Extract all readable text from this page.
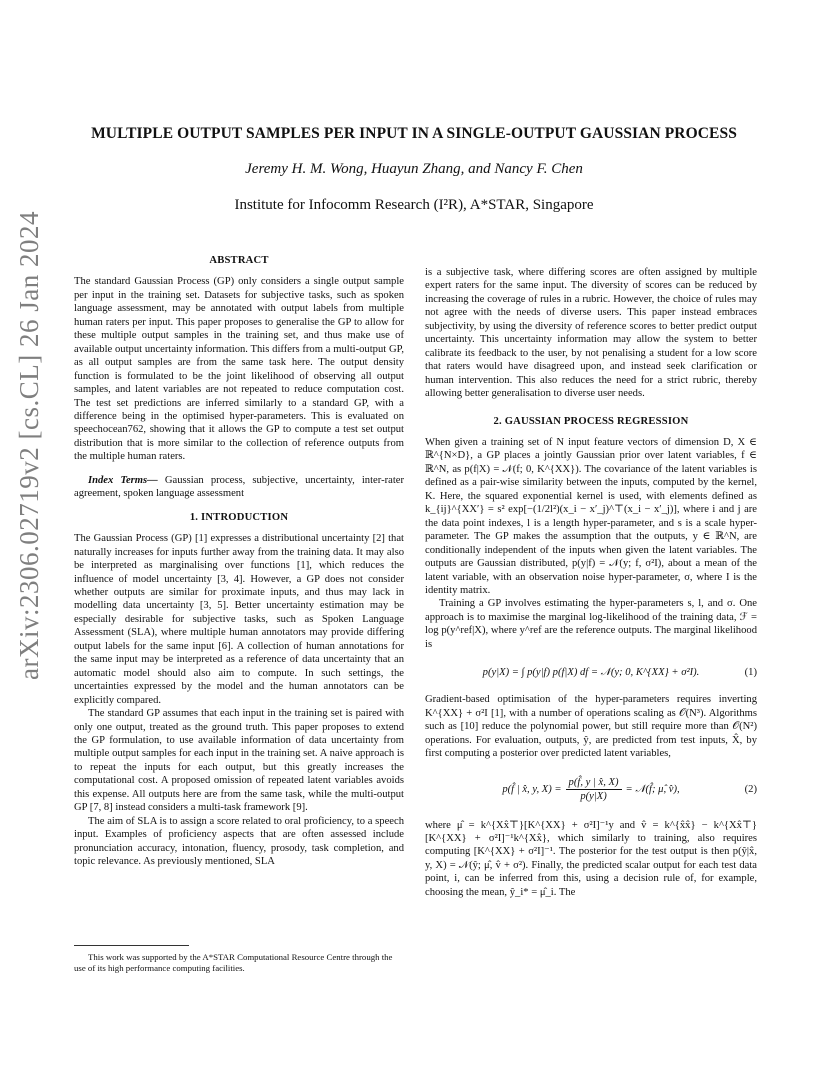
arXiv:2306.02719v2 [cs.CL] 26 Jan 2024
MULTIPLE OUTPUT SAMPLES PER INPUT IN A SINGLE-OUTPUT GAUSSIAN PROCESS
Jeremy H. M. Wong, Huayun Zhang, and Nancy F. Chen
Institute for Infocomm Research (I²R), A*STAR, Singapore
ABSTRACT

The standard Gaussian Process (GP) only considers a single output sample per input in the training set. Datasets for subjective tasks, such as spoken language assessment, may be annotated with output labels from multiple human raters per input. This paper proposes to generalise the GP to allow for these multiple output samples in the training set, and thus make use of available output uncertainty information. This differs from a multi-output GP, as all output samples are from the same task here. The output density function is formulated to be the joint likelihood of observing all output samples, and latent variables are not repeated to reduce computation cost. The test set predictions are inferred similarly to a standard GP, with a difference being in the optimised hyper-parameters. This is evaluated on speechocean762, showing that it allows the GP to compute a test set output distribution that is more similar to the collection of reference outputs from the multiple human raters.

Index Terms— Gaussian process, subjective, uncertainty, inter-rater agreement, spoken language assessment

1. INTRODUCTION

The Gaussian Process (GP) [1] expresses a distributional uncertainty [2] that naturally increases for inputs further away from the training data. It may also be interpreted as marginalising over functions [1], which reduces the influence of model uncertainty [3, 4]. However, a GP does not consider whether outputs are similar for proximate inputs, and thus may lack in modelling data uncertainty [3, 5]. Better uncertainty estimation may be especially desirable for subjective tasks, such as Spoken Language Assessment (SLA), where multiple human annotators may provide differing output labels for the same input [6]. A collection of human annotations for the same input may be interpreted as a reference of data uncertainty that an automatic model should also aim to compute. In such settings, the uncertainties expressed by the model and the human annotators can be explicitly compared.

The standard GP assumes that each input in the training set is paired with only one output, treated as the ground truth. This paper proposes to extend the GP formulation, to use available information of data uncertainty from multiple output samples for each input in the training set. A naive approach is to repeat the inputs for each output, but this greatly increases the computational cost. A proposed omission of repeated latent variables avoids this expense. All outputs here are from the same task, while the multi-output GP [7, 8] instead considers a multi-task framework [9].

The aim of SLA is to assign a score related to oral proficiency, to a speech input. Examples of proficiency aspects that are often assessed include pronunciation accuracy, intonation, fluency, prosody, task completion, and topic relevance. As previously mentioned, SLA

is a subjective task, where differing scores are often assigned by multiple expert raters for the same input. The diversity of scores can be reduced by increasing the coverage of rules in a rubric. However, the choice of rules may not agree with the needs of diverse users. This paper instead embraces subjectivity, by using the diversity of reference scores to better predict output uncertainty. This uncertainty information may allow the system to better calibrate its feedback to the user, by not penalising a student for a low score that raters would have disagreed upon, and instead seek clarification or human intervention. This also reduces the need for a strict rubric, thereby allowing better generalisation to diverse user needs.

2. GAUSSIAN PROCESS REGRESSION

When given a training set of N input feature vectors of dimension D, X ∈ ℝ^{N×D}, a GP places a jointly Gaussian prior over latent variables, f ∈ ℝ^N, as p(f|X) = 𝒩(f; 0, K^{XX}). The covariance of the latent variables is defined as a pair-wise similarity between the inputs, computed by the kernel, K. Here, the squared exponential kernel is used, with elements defined as k_{ij}^{XX′} = s² exp[−(1/2l²)(x_i − x′_j)^⊤(x_i − x′_j)], where i and j are the data point indexes, l is a length hyper-parameter, and s is a scale hyper-parameter. The GP makes the assumption that the outputs, y ∈ ℝ^N, are conditionally independent of the inputs when given the latent variables. The outputs are Gaussian distributed, p(y|f) = 𝒩(y; f, σ²I), about a mean of the latent variable, with an observation noise hyper-parameter, σ, where I is the identity matrix.

Training a GP involves estimating the hyper-parameters s, l, and σ. One approach is to maximise the marginal log-likelihood of the training data, ℱ = log p(y^ref|X), where y^ref are the reference outputs. The marginal likelihood is

p(y|X) = ∫ p(y|f) p(f|X) df = 𝒩(y; 0, K^{XX} + σ²I).	(1)

Gradient-based optimisation of the hyper-parameters requires inverting K^{XX} + σ²I [1], with a number of operations scaling as 𝒪(N³). Algorithms such as [10] reduce the polynomial power, but still require more than 𝒪(N²) operations. For evaluation, outputs, ŷ, are predicted from test inputs, X̂, by first computing a posterior over predicted latent variables,

p(f̂ | x̂, y, $X) = \frac{p(f̂, y | x̂, X)}{p(y|X)}$ = 𝒩(f̂; μ̂, v̂),	(2)

where μ̂ = k^{Xx̂⊤}[K^{XX} + σ²I]⁻¹y and v̂ = k^{x̂x̂} − k^{Xx̂⊤}[K^{XX} + σ²I]⁻¹k^{Xx̂}, which similarly to training, also requires computing [K^{XX} + σ²I]⁻¹. The posterior for the test output is then p(ŷ|x̂, y, X) = 𝒩(ŷ; μ̂, v̂ + σ²). Finally, the predicted scalar output for each test data point, i, can be inferred from this, using a decision rule of, for example, choosing the mean, ŷ_i* = μ̂_i. The

This work was supported by the A*STAR Computational Resource Centre through the use of its high performance computing facilities.
